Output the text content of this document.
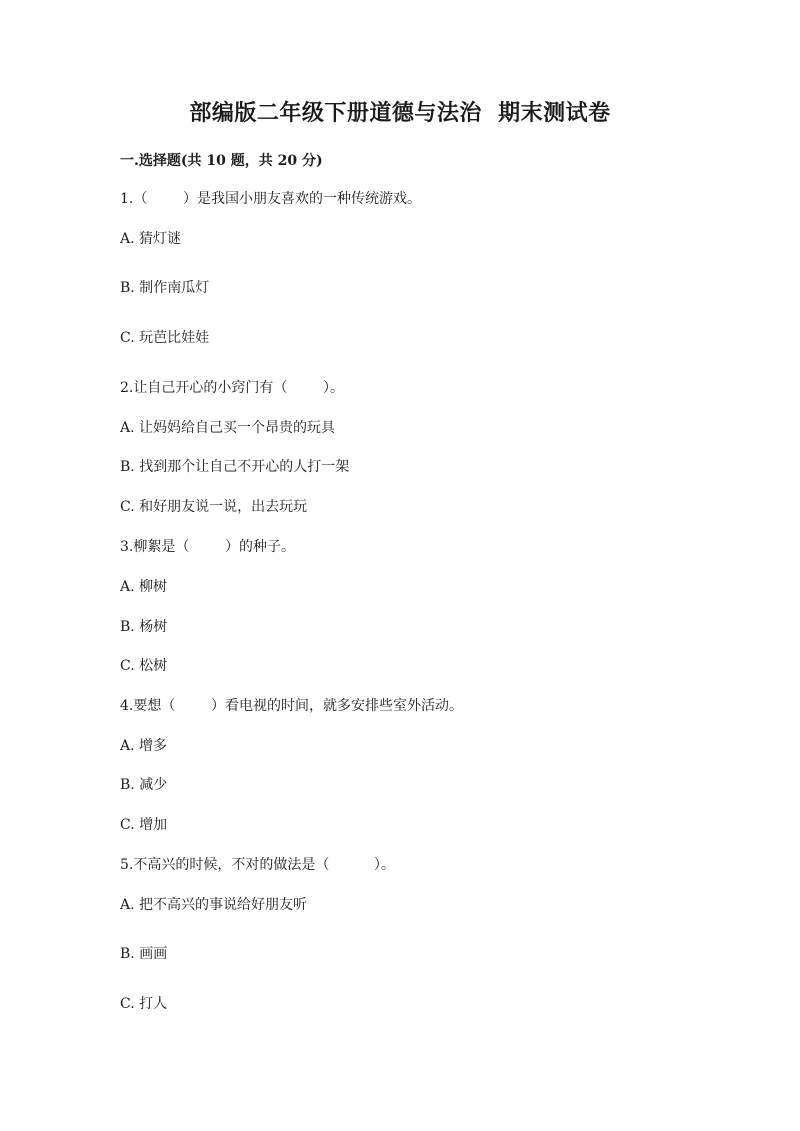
部编版二年级下册道德与法治  期末测试卷
一.选择题(共 10 题，共 20 分)
1.（        ）是我国小朋友喜欢的一种传统游戏。
A. 猜灯谜
B. 制作南瓜灯
C. 玩芭比娃娃
2.让自己开心的小窍门有（        ）。
A. 让妈妈给自己买一个昂贵的玩具
B. 找到那个让自己不开心的人打一架
C. 和好朋友说一说，出去玩玩
3.柳絮是（        ）的种子。
A. 柳树
B. 杨树
C. 松树
4.要想（        ）看电视的时间，就多安排些室外活动。
A. 增多
B. 减少
C. 增加
5.不高兴的时候，不对的做法是（          ）。
A. 把不高兴的事说给好朋友听
B. 画画
C. 打人
